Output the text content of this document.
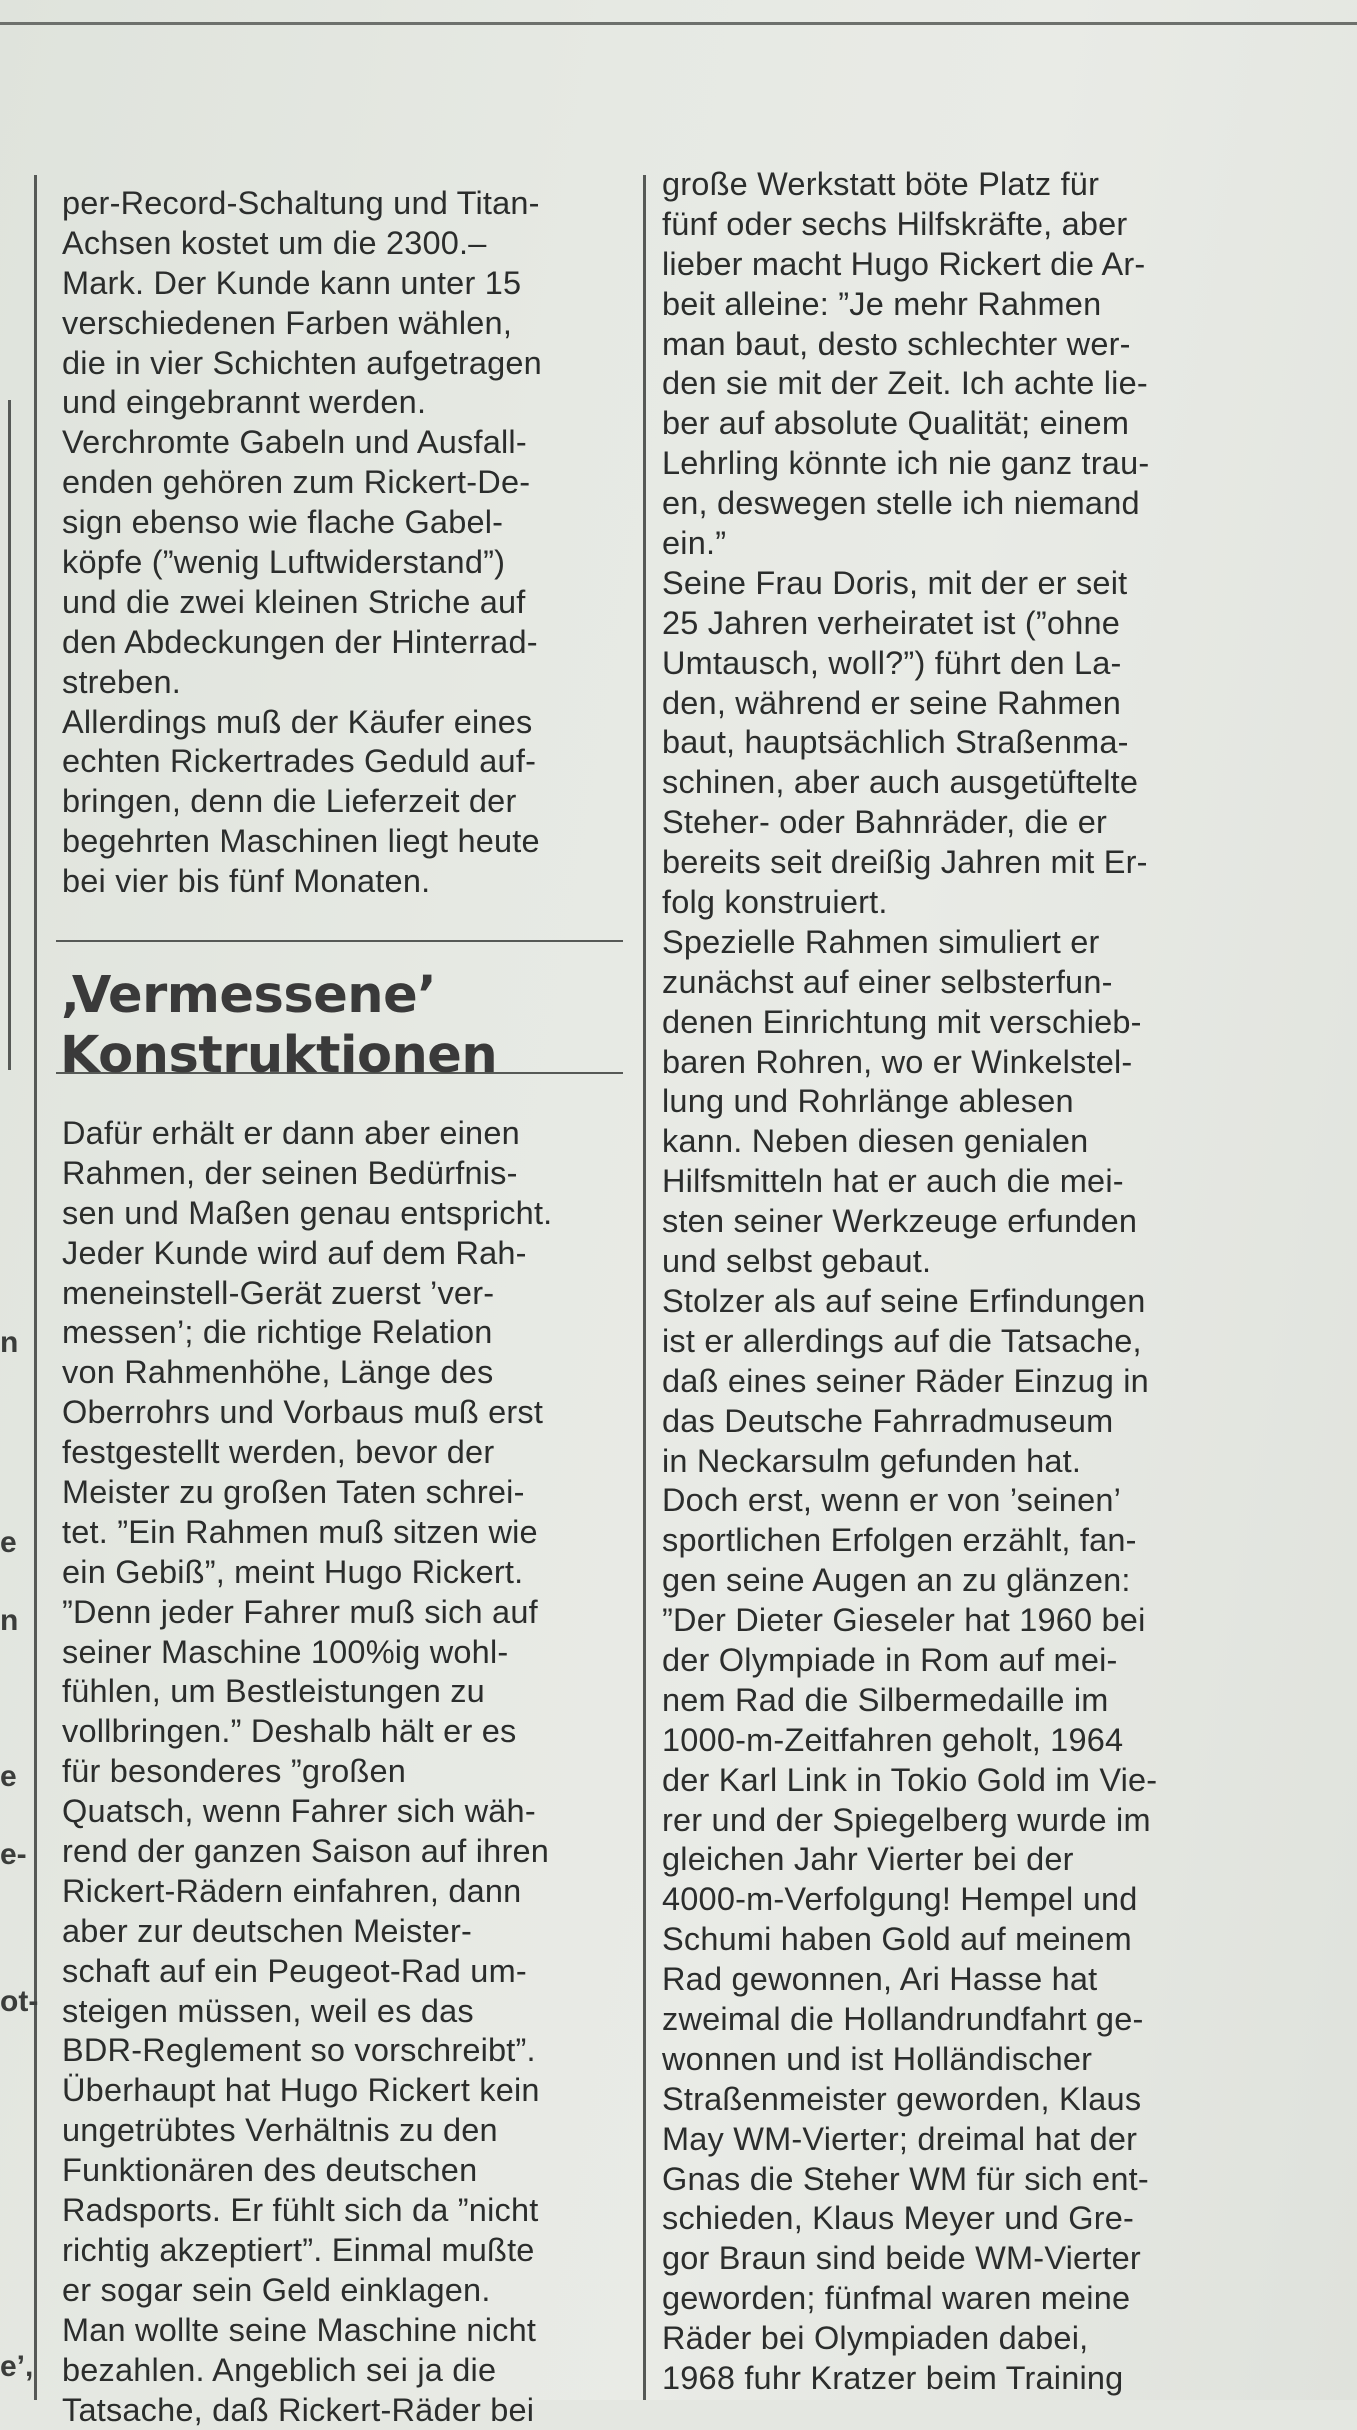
n
e
n
e
e-
ot-
e’,
per-Record-Schaltung und Titan-
Achsen kostet um die 2300.–
Mark. Der Kunde kann unter 15
verschiedenen Farben wählen,
die in vier Schichten aufgetragen
und eingebrannt werden.
Verchromte Gabeln und Ausfall-
enden gehören zum Rickert-De-
sign ebenso wie flache Gabel-
köpfe (”wenig Luftwiderstand”)
und die zwei kleinen Striche auf
den Abdeckungen der Hinterrad-
streben.
Allerdings muß der Käufer eines
echten Rickertrades Geduld auf-
bringen, denn die Lieferzeit der
begehrten Maschinen liegt heute
bei vier bis fünf Monaten.
‚Vermessene’
Konstruktionen
Dafür erhält er dann aber einen
Rahmen, der seinen Bedürfnis-
sen und Maßen genau entspricht.
Jeder Kunde wird auf dem Rah-
meneinstell-Gerät zuerst ’ver-
messen’; die richtige Relation
von Rahmenhöhe, Länge des
Oberrohrs und Vorbaus muß erst
festgestellt werden, bevor der
Meister zu großen Taten schrei-
tet. ”Ein Rahmen muß sitzen wie
ein Gebiß”, meint Hugo Rickert.
”Denn jeder Fahrer muß sich auf
seiner Maschine 100%ig wohl-
fühlen, um Bestleistungen zu
vollbringen.” Deshalb hält er es
für besonderes ”großen
Quatsch, wenn Fahrer sich wäh-
rend der ganzen Saison auf ihren
Rickert-Rädern einfahren, dann
aber zur deutschen Meister-
schaft auf ein Peugeot-Rad um-
steigen müssen, weil es das
BDR-Reglement so vorschreibt”.
Überhaupt hat Hugo Rickert kein
ungetrübtes Verhältnis zu den
Funktionären des deutschen
Radsports. Er fühlt sich da ”nicht
richtig akzeptiert”. Einmal mußte
er sogar sein Geld einklagen.
Man wollte seine Maschine nicht
bezahlen. Angeblich sei ja die
Tatsache, daß Rickert-Räder bei
große Werkstatt böte Platz für
fünf oder sechs Hilfskräfte, aber
lieber macht Hugo Rickert die Ar-
beit alleine: ”Je mehr Rahmen
man baut, desto schlechter wer-
den sie mit der Zeit. Ich achte lie-
ber auf absolute Qualität; einem
Lehrling könnte ich nie ganz trau-
en, deswegen stelle ich niemand
ein.”
Seine Frau Doris, mit der er seit
25 Jahren verheiratet ist (”ohne
Umtausch, woll?”) führt den La-
den, während er seine Rahmen
baut, hauptsächlich Straßenma-
schinen, aber auch ausgetüftelte
Steher- oder Bahnräder, die er
bereits seit dreißig Jahren mit Er-
folg konstruiert.
Spezielle Rahmen simuliert er
zunächst auf einer selbsterfun-
denen Einrichtung mit verschieb-
baren Rohren, wo er Winkelstel-
lung und Rohrlänge ablesen
kann. Neben diesen genialen
Hilfsmitteln hat er auch die mei-
sten seiner Werkzeuge erfunden
und selbst gebaut.
Stolzer als auf seine Erfindungen
ist er allerdings auf die Tatsache,
daß eines seiner Räder Einzug in
das Deutsche Fahrradmuseum
in Neckarsulm gefunden hat.
Doch erst, wenn er von ’seinen’
sportlichen Erfolgen erzählt, fan-
gen seine Augen an zu glänzen:
”Der Dieter Gieseler hat 1960 bei
der Olympiade in Rom auf mei-
nem Rad die Silbermedaille im
1000-m-Zeitfahren geholt, 1964
der Karl Link in Tokio Gold im Vie-
rer und der Spiegelberg wurde im
gleichen Jahr Vierter bei der
4000-m-Verfolgung! Hempel und
Schumi haben Gold auf meinem
Rad gewonnen, Ari Hasse hat
zweimal die Hollandrundfahrt ge-
wonnen und ist Holländischer
Straßenmeister geworden, Klaus
May WM-Vierter; dreimal hat der
Gnas die Steher WM für sich ent-
schieden, Klaus Meyer und Gre-
gor Braun sind beide WM-Vierter
geworden; fünfmal waren meine
Räder bei Olympiaden dabei,
1968 fuhr Kratzer beim Training
